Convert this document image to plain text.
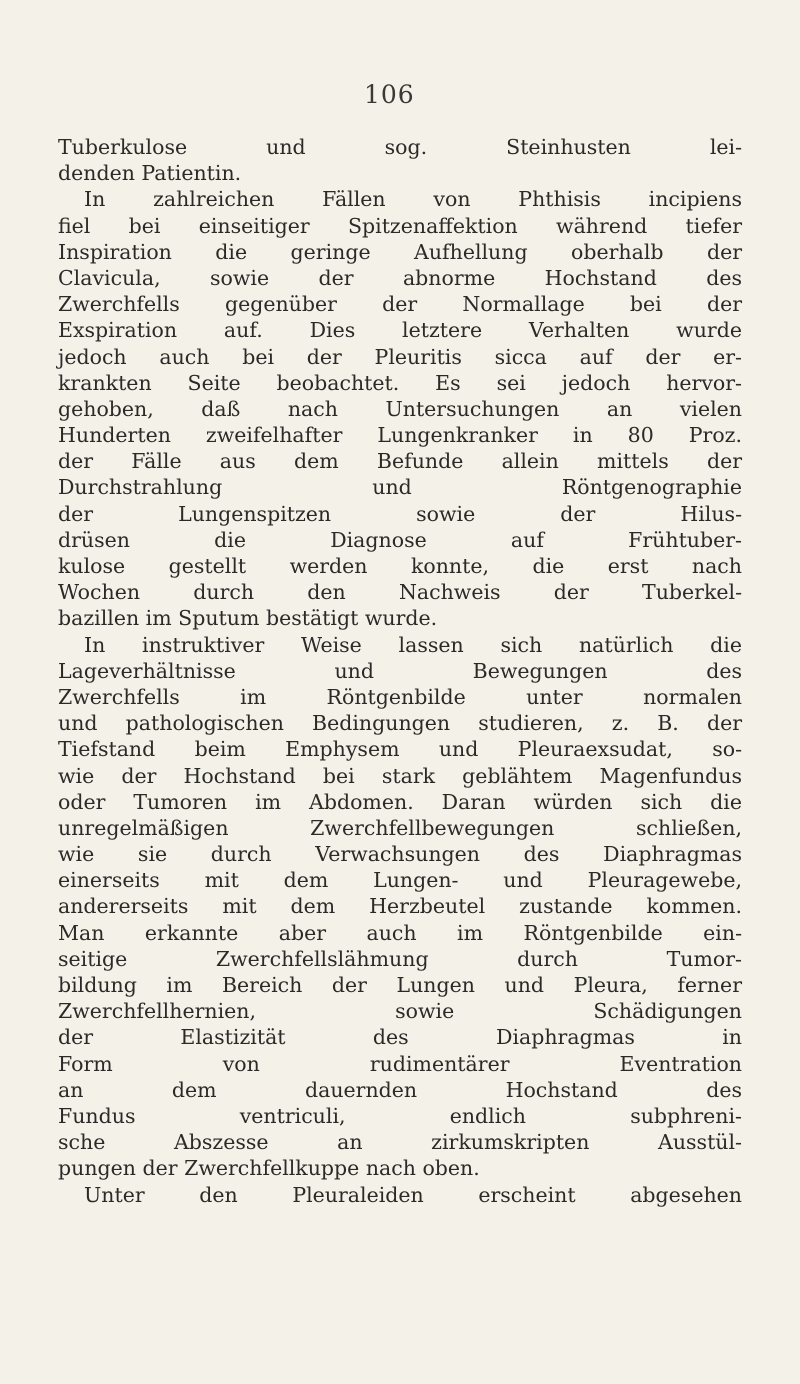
106
Tuberkulose und sog. Steinhusten lei-
denden Patientin.
In zahlreichen Fällen von Phthisis incipiens
fiel bei einseitiger Spitzenaffektion während tiefer
Inspiration die geringe Aufhellung oberhalb der
Clavicula, sowie der abnorme Hochstand des
Zwerchfells gegenüber der Normallage bei der
Exspiration auf. Dies letztere Verhalten wurde
jedoch auch bei der Pleuritis sicca auf der er-
krankten Seite beobachtet. Es sei jedoch hervor-
gehoben, daß nach Untersuchungen an vielen
Hunderten zweifelhafter Lungenkranker in 80 Proz.
der Fälle aus dem Befunde allein mittels der
Durchstrahlung und Röntgenographie
der Lungenspitzen sowie der Hilus-
drüsen die Diagnose auf Frühtuber-
kulose gestellt werden konnte, die erst nach
Wochen durch den Nachweis der Tuberkel-
bazillen im Sputum bestätigt wurde.
In instruktiver Weise lassen sich natürlich die
Lageverhältnisse und Bewegungen des
Zwerchfells im Röntgenbilde unter normalen
und pathologischen Bedingungen studieren, z. B. der
Tiefstand beim Emphysem und Pleuraexsudat, so-
wie der Hochstand bei stark geblähtem Magenfundus
oder Tumoren im Abdomen. Daran würden sich die
unregelmäßigen Zwerchfellbewegungen schließen,
wie sie durch Verwachsungen des Diaphragmas
einerseits mit dem Lungen- und Pleuragewebe,
andererseits mit dem Herzbeutel zustande kommen.
Man erkannte aber auch im Röntgenbilde ein-
seitige Zwerchfellslähmung durch Tumor-
bildung im Bereich der Lungen und Pleura, ferner
Zwerchfellhernien, sowie Schädigungen
der Elastizität des Diaphragmas in
Form von rudimentärer Eventration
an dem dauernden Hochstand des
Fundus ventriculi, endlich subphreni-
sche Abszesse an zirkumskripten Ausstül-
pungen der Zwerchfellkuppe nach oben.
Unter den Pleuraleiden erscheint abgesehen
